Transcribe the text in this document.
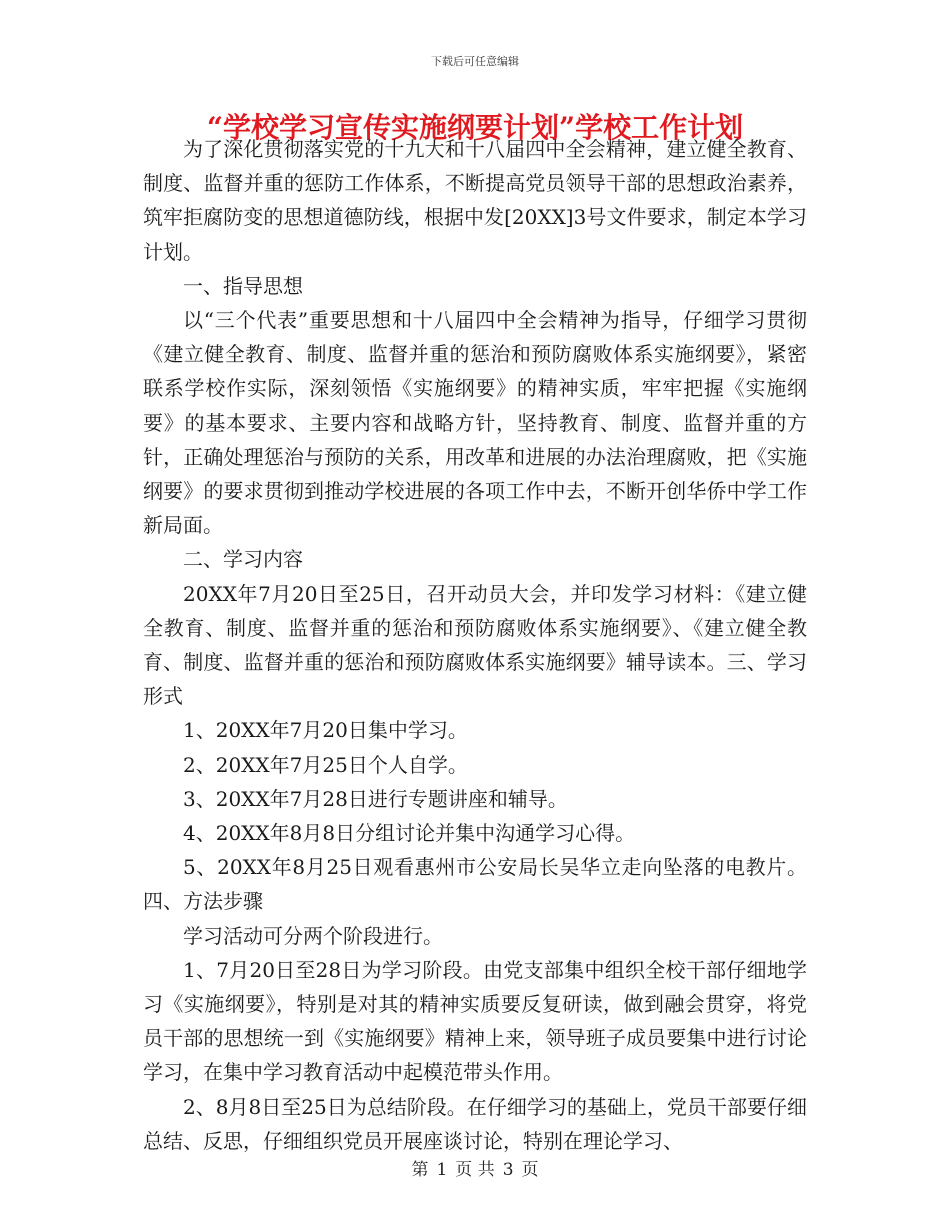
下载后可任意编辑
“学校学习宣传实施纲要计划”学校工作计划

为了深化贯彻落实党的十九大和十八届四中全会精神，建立健全教育、制度、监督并重的惩防工作体系，不断提高党员领导干部的思想政治素养，筑牢拒腐防变的思想道德防线，根据中发[20XX]3号文件要求，制定本学习计划。

一、指导思想

以“三个代表”重要思想和十八届四中全会精神为指导，仔细学习贯彻《建立健全教育、制度、监督并重的惩治和预防腐败体系实施纲要》，紧密联系学校作实际，深刻领悟《实施纲要》的精神实质，牢牢把握《实施纲要》的基本要求、主要内容和战略方针，坚持教育、制度、监督并重的方针，正确处理惩治与预防的关系，用改革和进展的办法治理腐败，把《实施纲要》的要求贯彻到推动学校进展的各项工作中去，不断开创华侨中学工作新局面。

二、学习内容

20XX年7月20日至25日，召开动员大会，并印发学习材料：《建立健全教育、制度、监督并重的惩治和预防腐败体系实施纲要》、《建立健全教育、制度、监督并重的惩治和预防腐败体系实施纲要》辅导读本。三、学习形式

1、20XX年7月20日集中学习。

2、20XX年7月25日个人自学。

3、20XX年7月28日进行专题讲座和辅导。

4、20XX年8月8日分组讨论并集中沟通学习心得。

5、20XX年8月25日观看惠州市公安局长吴华立走向坠落的电教片。四、方法步骤

学习活动可分两个阶段进行。

1、7月20日至28日为学习阶段。由党支部集中组织全校干部仔细地学习《实施纲要》，特别是对其的精神实质要反复研读，做到融会贯穿，将党员干部的思想统一到《实施纲要》精神上来，领导班子成员要集中进行讨论学习，在集中学习教育活动中起模范带头作用。

2、8月8日至25日为总结阶段。在仔细学习的基础上，党员干部要仔细总结、反思，仔细组织党员开展座谈讨论，特别在理论学习、

第 1 页 共 3 页
